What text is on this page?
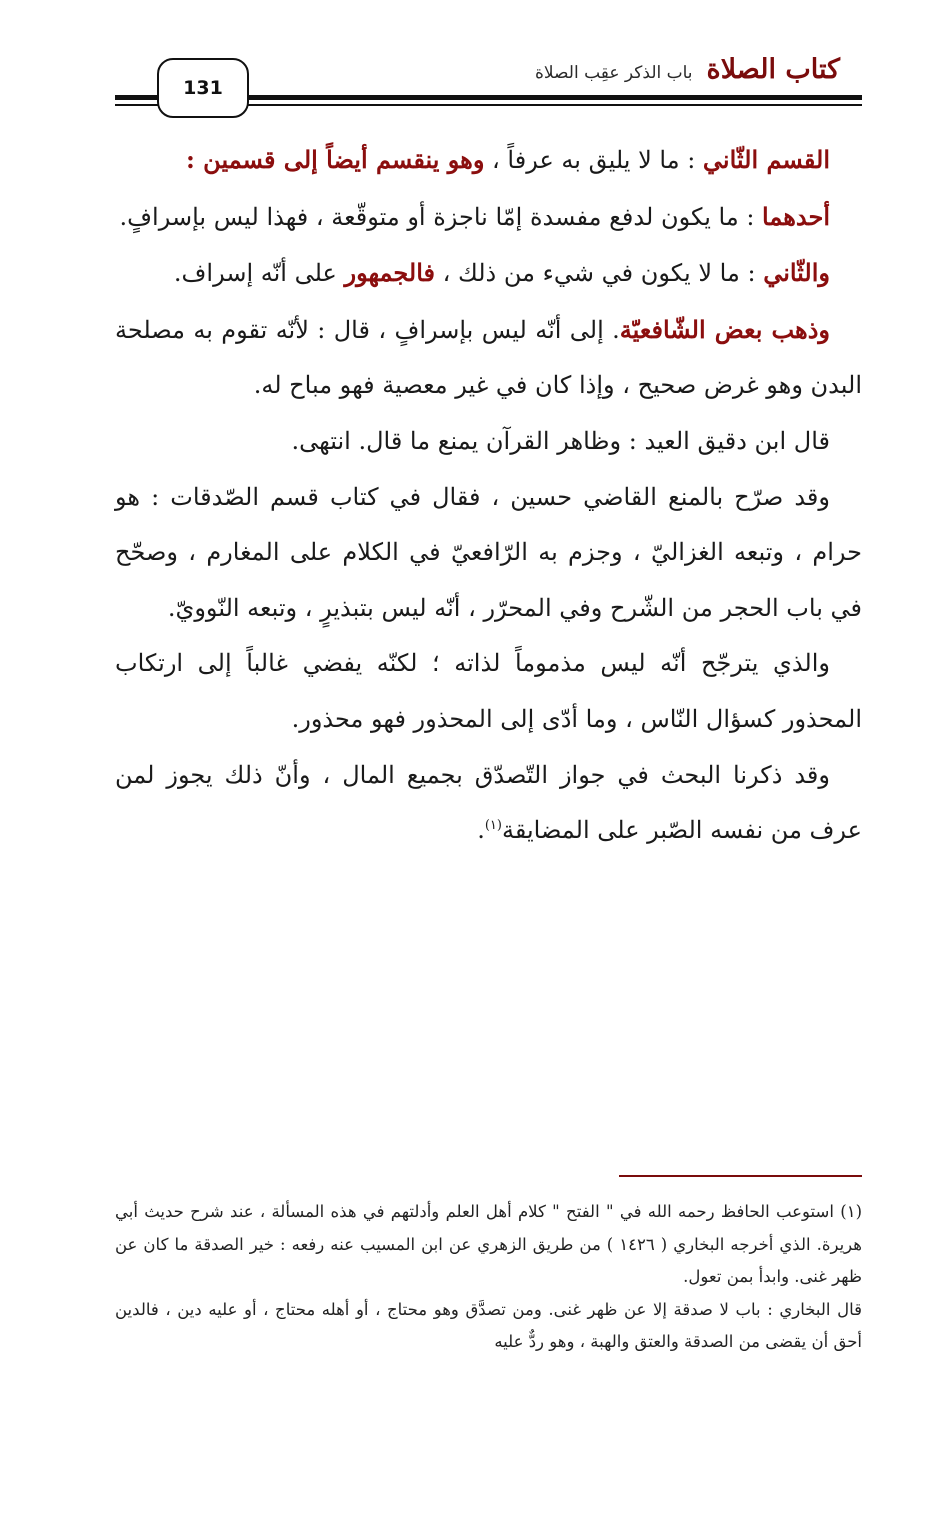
كتاب الصلاة
باب الذكر عقِب الصلاة
131

القسم الثّاني : ما لا يليق به عرفاً ، وهو ينقسم أيضاً إلى قسمين :

أحدهما : ما يكون لدفع مفسدة إمّا ناجزة أو متوقّعة ، فهذا ليس بإسرافٍ.

والثّاني : ما لا يكون في شيء من ذلك ، فالجمهور على أنّه إسراف.

وذهب بعض الشّافعيّة. إلى أنّه ليس بإسرافٍ ، قال : لأنّه تقوم به مصلحة البدن وهو غرض صحيح ، وإذا كان في غير معصية فهو مباح له.

قال ابن دقيق العيد : وظاهر القرآن يمنع ما قال. انتهى.

وقد صرّح بالمنع القاضي حسين ، فقال في كتاب قسم الصّدقات : هو حرام ، وتبعه الغزاليّ ، وجزم به الرّافعيّ في الكلام على المغارم ، وصحّح في باب الحجر من الشّرح وفي المحرّر ، أنّه ليس بتبذيرٍ ، وتبعه النّوويّ.

والذي يترجّح أنّه ليس مذموماً لذاته ؛ لكنّه يفضي غالباً إلى ارتكاب المحذور كسؤال النّاس ، وما أدّى إلى المحذور فهو محذور.

وقد ذكرنا البحث في جواز التّصدّق بجميع المال ، وأنّ ذلك يجوز لمن عرف من نفسه الصّبر على المضايقة$^{(١)}$.

(١) استوعب الحافظ رحمه الله في " الفتح " كلام أهل العلم وأدلتهم في هذه المسألة ، عند شرح حديث أبي هريرة. الذي أخرجه البخاري ( ١٤٢٦ ) من طريق الزهري عن ابن المسيب عنه رفعه : خير الصدقة ما كان عن ظهر غنى. وابدأ بمن تعول.

قال البخاري : باب لا صدقة إلا عن ظهر غنى. ومن تصدَّق وهو محتاج ، أو أهله محتاج ، أو عليه دين ، فالدين أحق أن يقضى من الصدقة والعتق والهبة ، وهو ردٌّ عليه
